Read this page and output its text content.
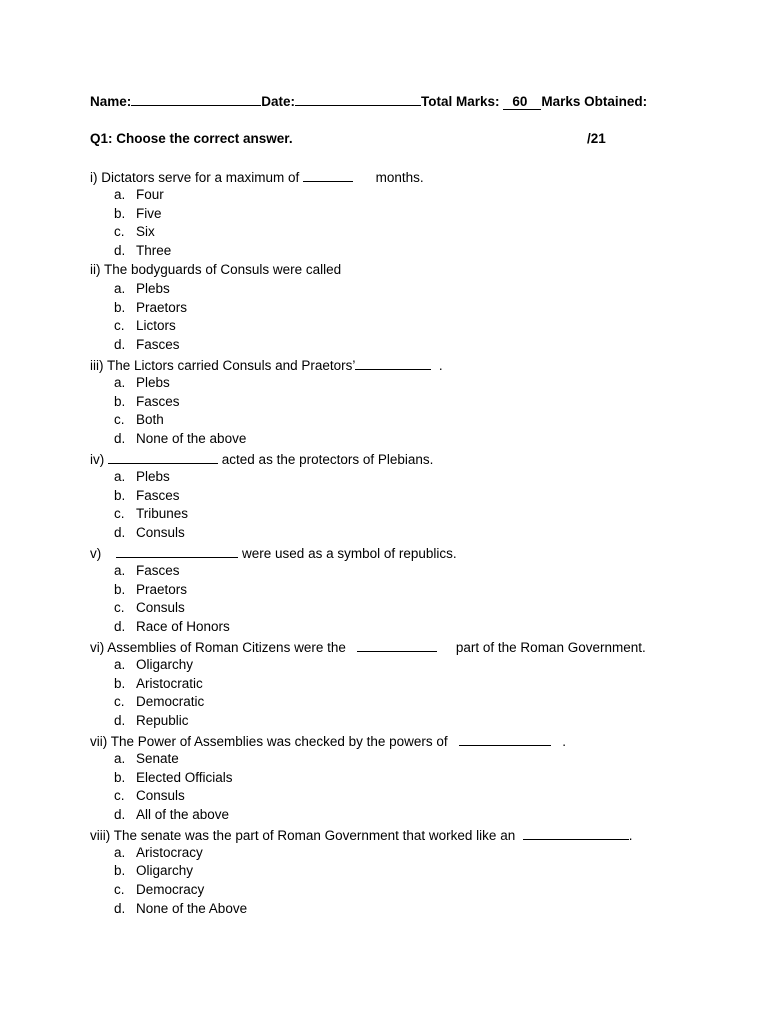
Name:	Date:	Total Marks: 60 Marks Obtained:
Q1: Choose the correct answer.	/21
i) Dictators serve for a maximum of	months.
a. Four
b. Five
c. Six
d. Three
ii) The bodyguards of Consuls were called
a. Plebs
b. Praetors
c. Lictors
d. Fasces
iii) The Lictors carried Consuls and Praetors’	.
a. Plebs
b. Fasces
c. Both
d. None of the above
iv)	acted as the protectors of Plebians.
a. Plebs
b. Fasces
c. Tribunes
d. Consuls
v)	were used as a symbol of republics.
a. Fasces
b. Praetors
c. Consuls
d. Race of Honors
vi) Assemblies of Roman Citizens were the	part of the Roman Government.
a. Oligarchy
b. Aristocratic
c. Democratic
d. Republic
vii) The Power of Assemblies was checked by the powers of	.
a. Senate
b. Elected Officials
c. Consuls
d. All of the above
viii) The senate was the part of Roman Government that worked like an	.
a. Aristocracy
b. Oligarchy
c. Democracy
d. None of the Above
